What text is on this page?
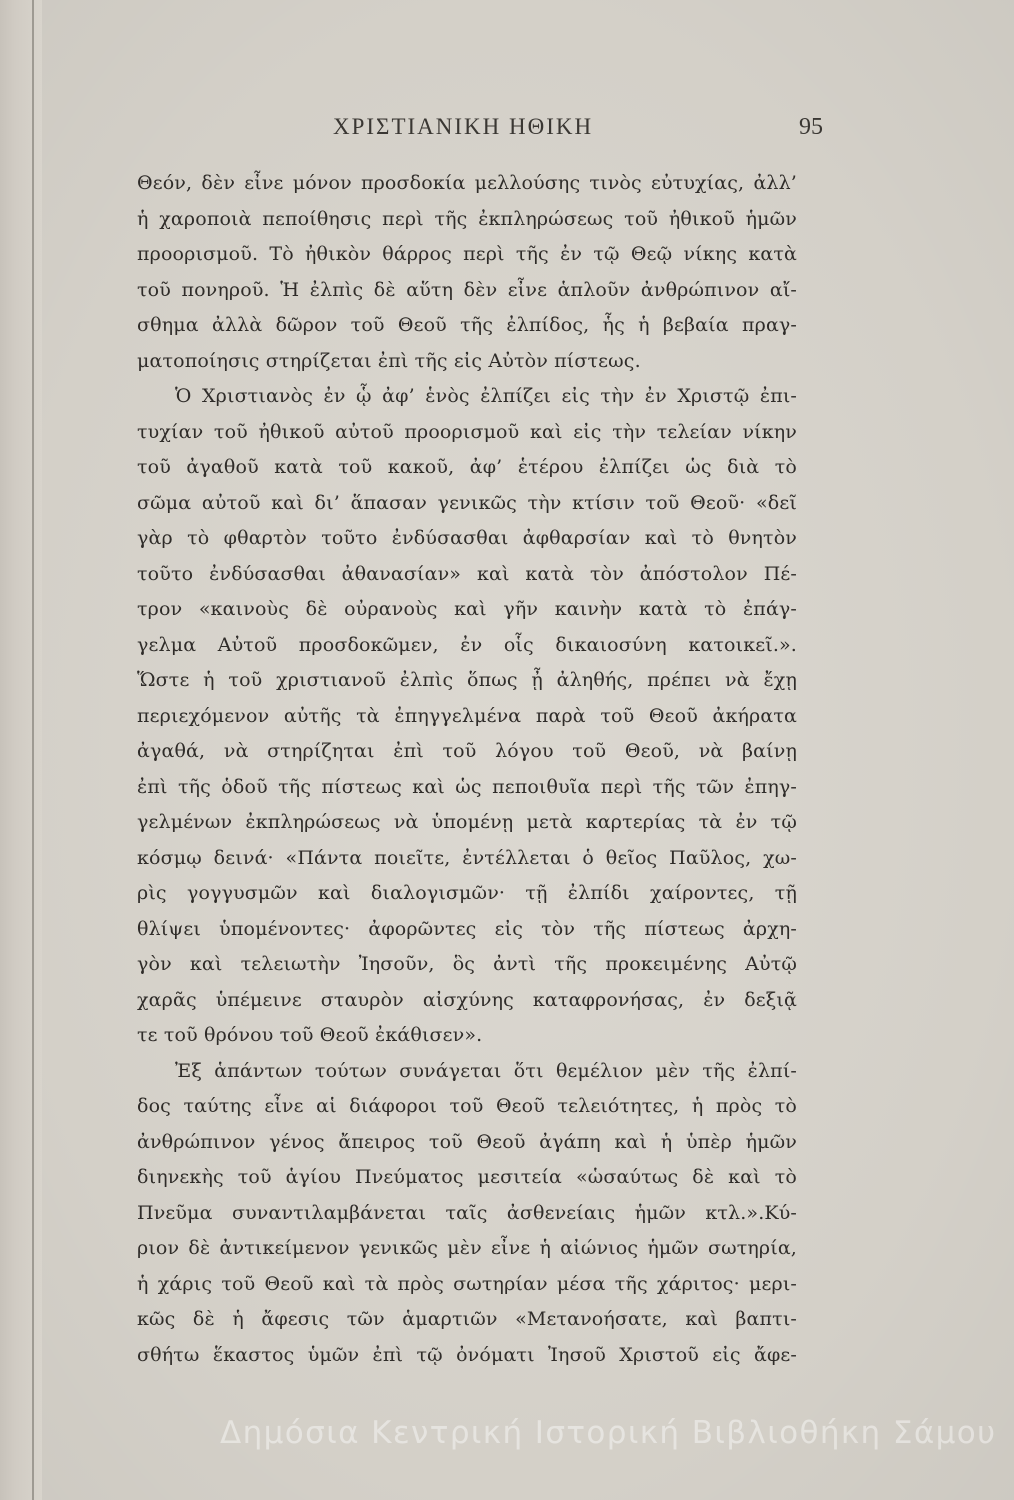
ΧΡΙΣΤΙΑΝΙΚΗ ΗΘΙΚΗ	95
Θεόν, δὲν εἶνε μόνον προσδοκία μελλούσης τινὸς εὐτυχίας, ἀλλ’
ἡ χαροποιὰ πεποίθησις περὶ τῆς ἐκπληρώσεως τοῦ ἠθικοῦ ἡμῶν
προορισμοῦ. Τὸ ἠθικὸν θάρρος περὶ τῆς ἐν τῷ Θεῷ νίκης κατὰ
τοῦ πονηροῦ. Ἡ ἐλπὶς δὲ αὕτη δὲν εἶνε ἁπλοῦν ἀνθρώπινον αἴ-
σθημα ἀλλὰ δῶρον τοῦ Θεοῦ τῆς ἐλπίδος, ἧς ἡ βεβαία πραγ-
ματοποίησις στηρίζεται ἐπὶ τῆς εἰς Αὐτὸν πίστεως.
Ὁ Χριστιανὸς ἐν ᾧ ἀφ’ ἑνὸς ἐλπίζει εἰς τὴν ἐν Χριστῷ ἐπι-
τυχίαν τοῦ ἠθικοῦ αὐτοῦ προορισμοῦ καὶ εἰς τὴν τελείαν νίκην
τοῦ ἀγαθοῦ κατὰ τοῦ κακοῦ, ἀφ’ ἑτέρου ἐλπίζει ὡς διὰ τὸ
σῶμα αὐτοῦ καὶ δι’ ἅπασαν γενικῶς τὴν κτίσιν τοῦ Θεοῦ· «δεῖ
γὰρ τὸ φθαρτὸν τοῦτο ἐνδύσασθαι ἀφθαρσίαν καὶ τὸ θνητὸν
τοῦτο ἐνδύσασθαι ἀθανασίαν» καὶ κατὰ τὸν ἀπόστολον Πέ-
τρον «καινοὺς δὲ οὐρανοὺς καὶ γῆν καινὴν κατὰ τὸ ἐπάγ-
γελμα Αὐτοῦ προσδοκῶμεν, ἐν οἷς δικαιοσύνη κατοικεῖ.».
Ὥστε ἡ τοῦ χριστιανοῦ ἐλπὶς ὅπως ᾖ ἀληθής, πρέπει νὰ ἔχῃ
περιεχόμενον αὐτῆς τὰ ἐπηγγελμένα παρὰ τοῦ Θεοῦ ἀκήρατα
ἀγαθά, νὰ στηρίζηται ἐπὶ τοῦ λόγου τοῦ Θεοῦ, νὰ βαίνῃ
ἐπὶ τῆς ὁδοῦ τῆς πίστεως καὶ ὡς πεποιθυῖα περὶ τῆς τῶν ἐπηγ-
γελμένων ἐκπληρώσεως νὰ ὑπομένῃ μετὰ καρτερίας τὰ ἐν τῷ
κόσμῳ δεινά· «Πάντα ποιεῖτε, ἐντέλλεται ὁ θεῖος Παῦλος, χω-
ρὶς γογγυσμῶν καὶ διαλογισμῶν· τῇ ἐλπίδι χαίροντες, τῇ
θλίψει ὑπομένοντες· ἀφορῶντες εἰς τὸν τῆς πίστεως ἀρχη-
γὸν καὶ τελειωτὴν Ἰησοῦν, ὃς ἀντὶ τῆς προκειμένης Αὐτῷ
χαρᾶς ὑπέμεινε σταυρὸν αἰσχύνης καταφρονήσας, ἐν δεξιᾷ
τε τοῦ θρόνου τοῦ Θεοῦ ἐκάθισεν».
Ἐξ ἁπάντων τούτων συνάγεται ὅτι θεμέλιον μὲν τῆς ἐλπί-
δος ταύτης εἶνε αἱ διάφοροι τοῦ Θεοῦ τελειότητες, ἡ πρὸς τὸ
ἀνθρώπινον γένος ἄπειρος τοῦ Θεοῦ ἀγάπη καὶ ἡ ὑπὲρ ἡμῶν
διηνεκὴς τοῦ ἁγίου Πνεύματος μεσιτεία «ὡσαύτως δὲ καὶ τὸ
Πνεῦμα συναντιλαμβάνεται ταῖς ἀσθενείαις ἡμῶν κτλ.».Κύ-
ριον δὲ ἀντικείμενον γενικῶς μὲν εἶνε ἡ αἰώνιος ἡμῶν σωτηρία,
ἡ χάρις τοῦ Θεοῦ καὶ τὰ πρὸς σωτηρίαν μέσα τῆς χάριτος· μερι-
κῶς δὲ ἡ ἄφεσις τῶν ἁμαρτιῶν «Μετανοήσατε, καὶ βαπτι-
σθήτω ἕκαστος ὑμῶν ἐπὶ τῷ ὀνόματι Ἰησοῦ Χριστοῦ εἰς ἄφε-
Δημόσια Κεντρική Ιστορική Βιβλιοθήκη Σάμου
